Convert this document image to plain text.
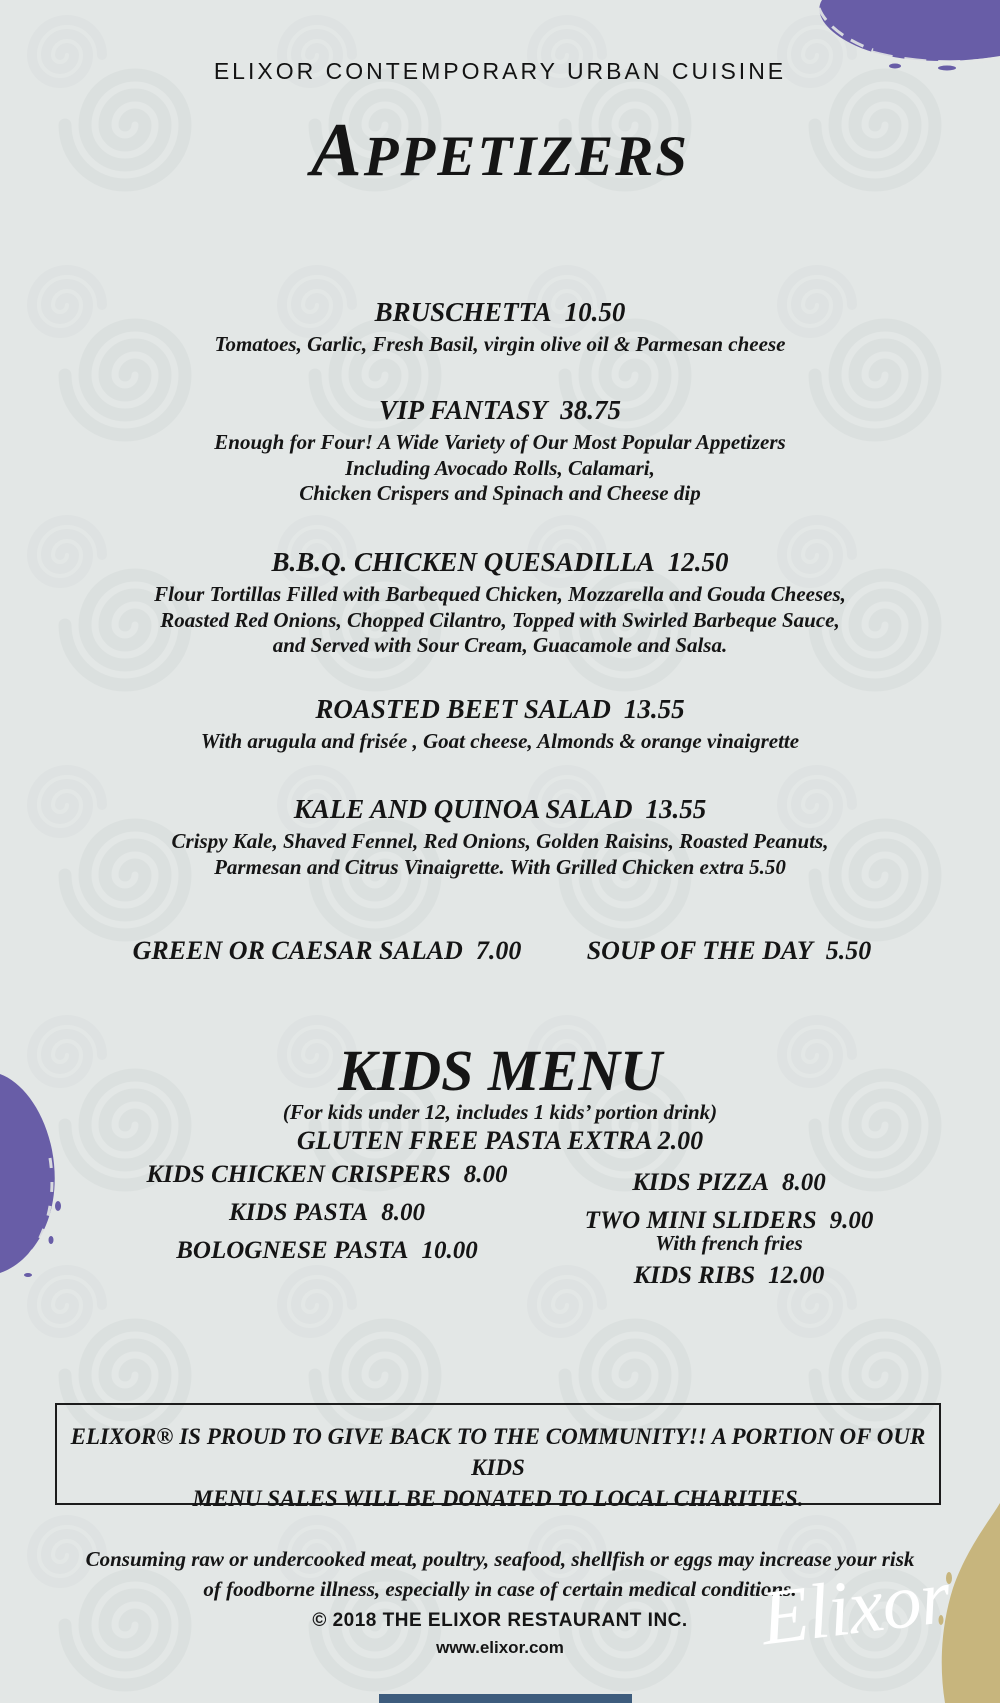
ELIXOR CONTEMPORARY URBAN CUISINE
APPETIZERS
BRUSCHETTA 10.50
Tomatoes, Garlic, Fresh Basil, virgin olive oil & Parmesan cheese
VIP FANTASY 38.75
Enough for Four! A Wide Variety of Our Most Popular Appetizers
Including Avocado Rolls, Calamari,
Chicken Crispers and Spinach and Cheese dip
B.B.Q. CHICKEN QUESADILLA 12.50
Flour Tortillas Filled with Barbequed Chicken, Mozzarella and Gouda Cheeses,
Roasted Red Onions, Chopped Cilantro, Topped with Swirled Barbeque Sauce,
and Served with Sour Cream, Guacamole and Salsa.
ROASTED BEET SALAD 13.55
With arugula and frisée , Goat cheese, Almonds & orange vinaigrette
KALE AND QUINOA SALAD 13.55
Crispy Kale, Shaved Fennel, Red Onions, Golden Raisins, Roasted Peanuts,
Parmesan and Citrus Vinaigrette. With Grilled Chicken extra 5.50
GREEN OR CAESAR SALAD 7.00	SOUP OF THE DAY 5.50
KIDS MENU
(For kids under 12, includes 1 kids’ portion drink)
GLUTEN FREE PASTA EXTRA 2.00
KIDS CHICKEN CRISPERS 8.00
KIDS PASTA 8.00
BOLOGNESE PASTA 10.00
KIDS PIZZA 8.00
TWO MINI SLIDERS 9.00
With french fries
KIDS RIBS 12.00
ELIXOR® IS PROUD TO GIVE BACK TO THE COMMUNITY!! A PORTION OF OUR KIDS
MENU SALES WILL BE DONATED TO LOCAL CHARITIES.
Consuming raw or undercooked meat, poultry, seafood, shellfish or eggs may increase your risk
of foodborne illness, especially in case of certain medical conditions.
© 2018 THE ELIXOR RESTAURANT INC.
www.elixor.com	Elixor
